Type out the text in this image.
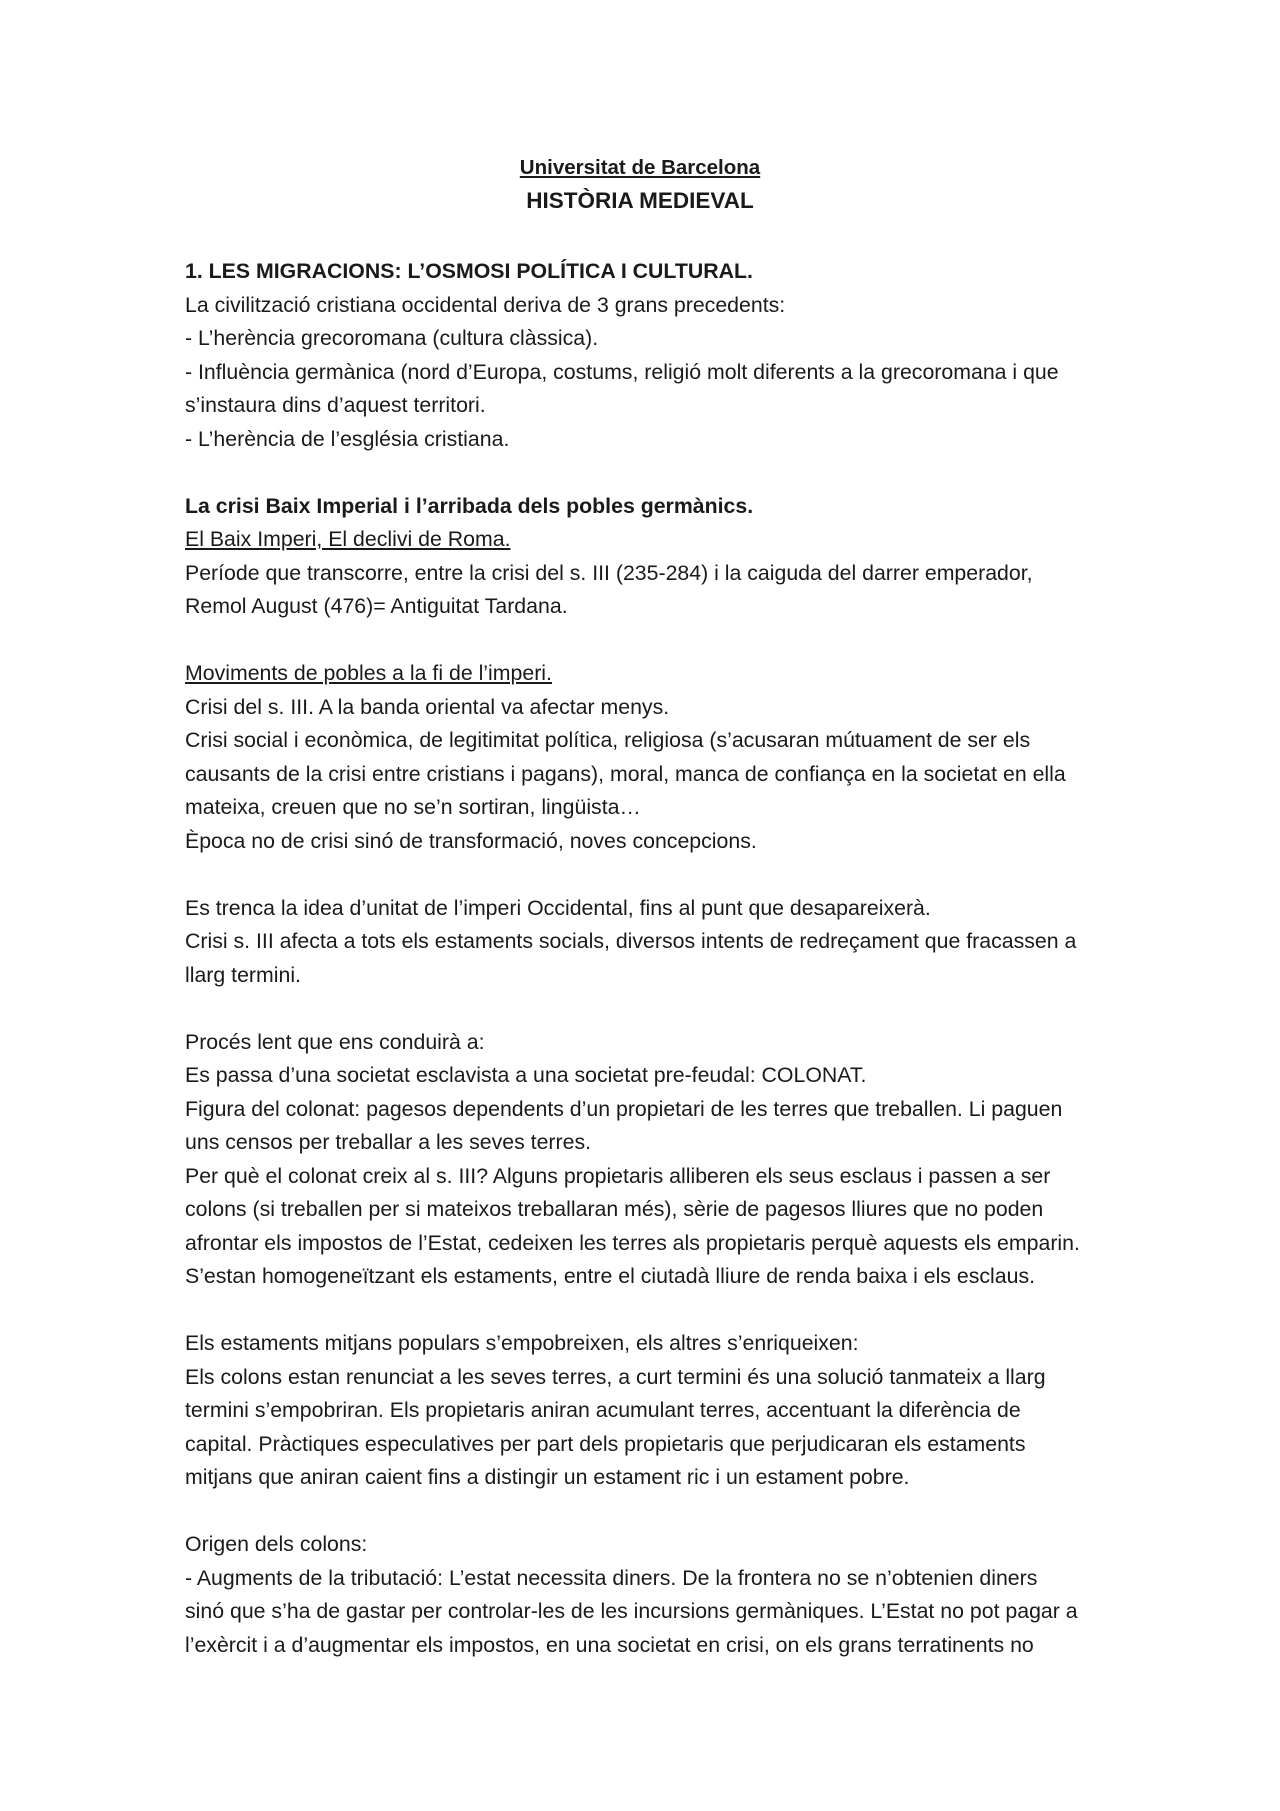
Universitat de Barcelona
HISTÒRIA MEDIEVAL

1. LES MIGRACIONS: L’OSMOSI POLÍTICA I CULTURAL.

La civilització cristiana occidental deriva de 3 grans precedents:

- L’herència grecoromana (cultura clàssica).

- Influència germànica (nord d’Europa, costums, religió molt diferents a la grecoromana i que

s’instaura dins d’aquest territori.

- L’herència de l’església cristiana.

La crisi Baix Imperial i l’arribada dels pobles germànics.

El Baix Imperi, El declivi de Roma.

Període que transcorre, entre la crisi del s. III (235-284) i la caiguda del darrer emperador,

Remol August (476)= Antiguitat Tardana.

Moviments de pobles a la fi de l’imperi.

Crisi del s. III. A la banda oriental va afectar menys.

Crisi social i econòmica, de legitimitat política, religiosa (s’acusaran mútuament de ser els

causants de la crisi entre cristians i pagans), moral, manca de confiança en la societat en ella

mateixa, creuen que no se’n sortiran, lingüista…

Època no de crisi sinó de transformació, noves concepcions.

Es trenca la idea d’unitat de l’imperi Occidental, fins al punt que desapareixerà.

Crisi s. III afecta a tots els estaments socials, diversos intents de redreçament que fracassen a

llarg termini.

Procés lent que ens conduirà a:

Es passa d’una societat esclavista a una societat pre-feudal: COLONAT.

Figura del colonat: pagesos dependents d’un propietari de les terres que treballen. Li paguen

uns censos per treballar a les seves terres.

Per què el colonat creix al s. III? Alguns propietaris alliberen els seus esclaus i passen a ser

colons (si treballen per si mateixos treballaran més), sèrie de pagesos lliures que no poden

afrontar els impostos de l’Estat, cedeixen les terres als propietaris perquè aquests els emparin.

S’estan homogeneïtzant els estaments, entre el ciutadà lliure de renda baixa i els esclaus.

Els estaments mitjans populars s’empobreixen, els altres s’enriqueixen:

Els colons estan renunciat a les seves terres, a curt termini és una solució tanmateix a llarg

termini s’empobriran. Els propietaris aniran acumulant terres, accentuant la diferència de

capital. Pràctiques especulatives per part dels propietaris que perjudicaran els estaments

mitjans que aniran caient fins a distingir un estament ric i un estament pobre.

Origen dels colons:

- Augments de la tributació: L’estat necessita diners. De la frontera no se n’obtenien diners

sinó que s’ha de gastar per controlar-les de les incursions germàniques. L’Estat no pot pagar a

l’exèrcit i a d’augmentar els impostos, en una societat en crisi, on els grans terratinents no
